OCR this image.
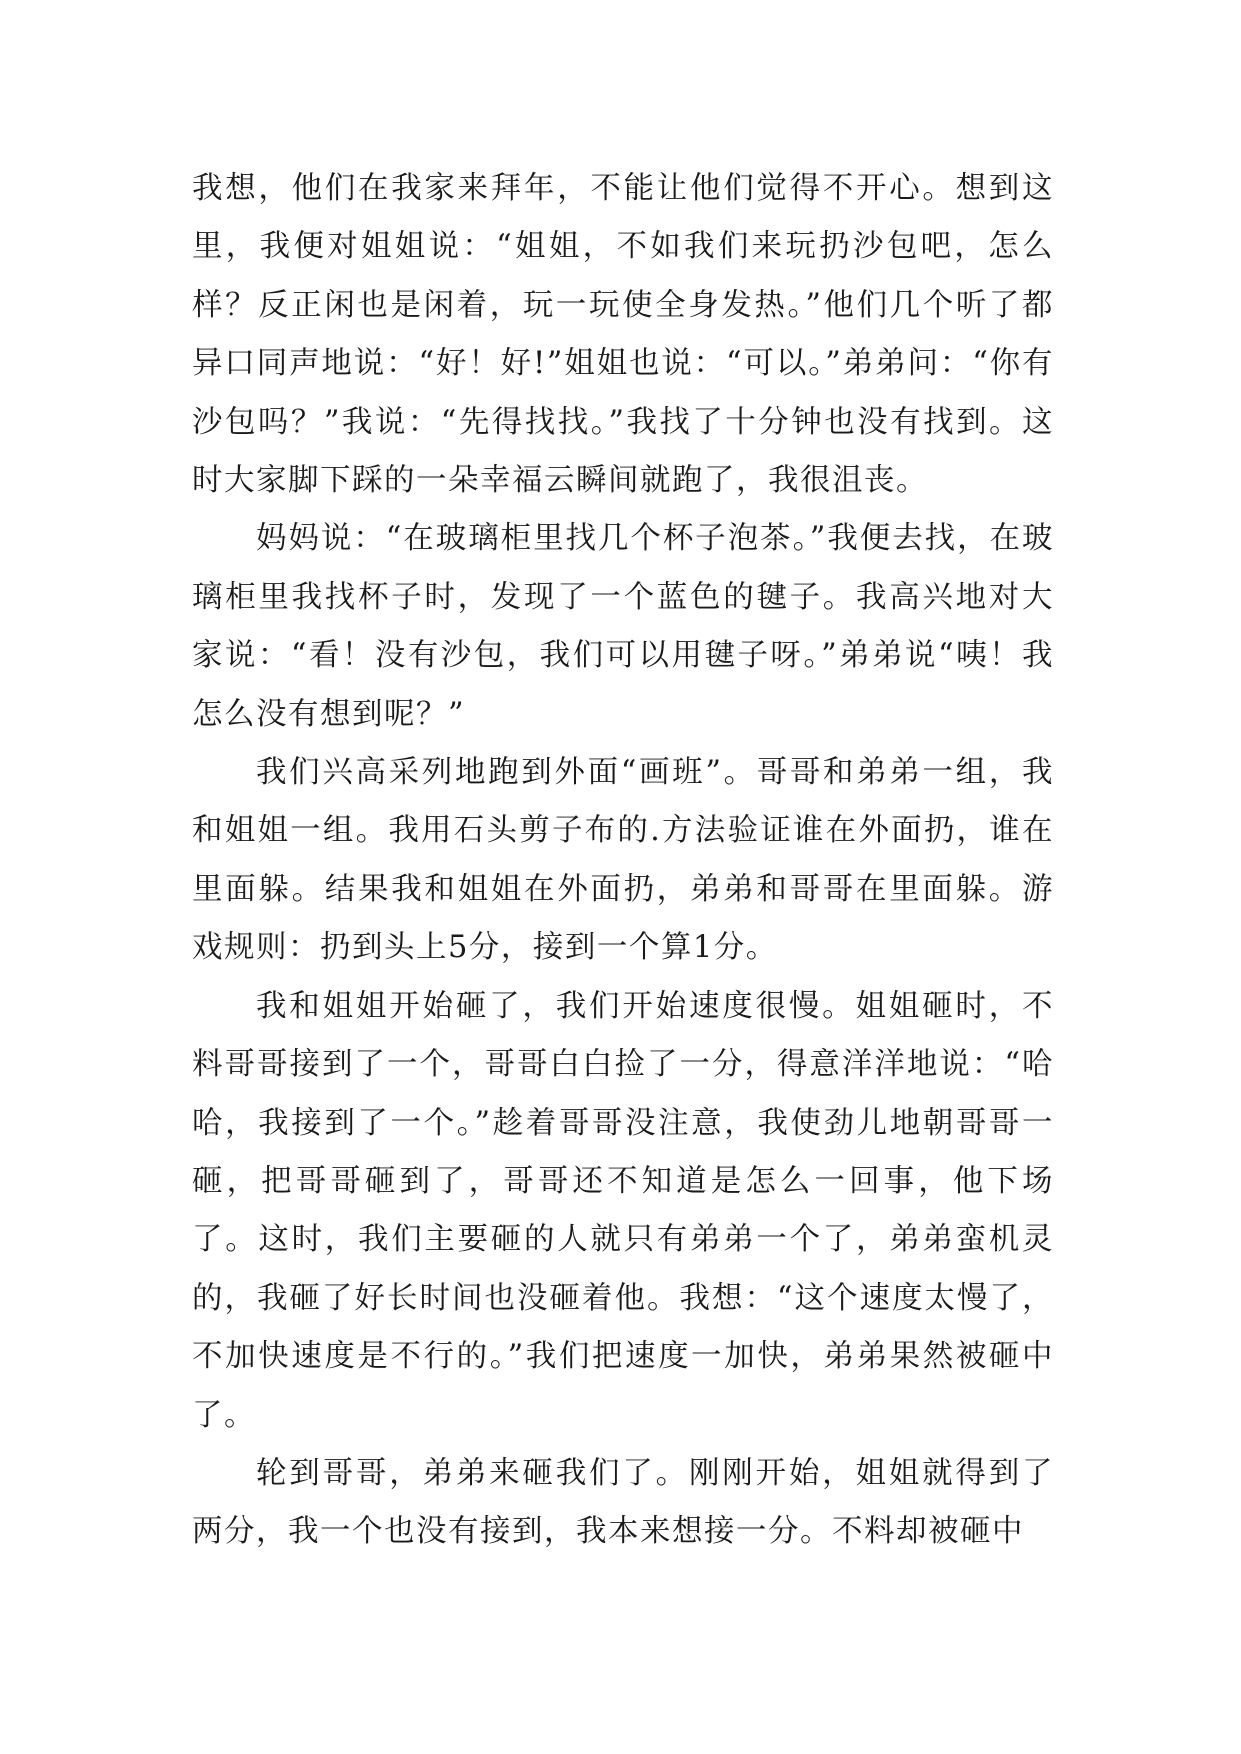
我想，他们在我家来拜年，不能让他们觉得不开心。想到这里，我便对姐姐说：“姐姐，不如我们来玩扔沙包吧，怎么样？反正闲也是闲着，玩一玩使全身发热。”他们几个听了都异口同声地说：“好！好!”姐姐也说：“可以。”弟弟问：“你有沙包吗？”我说：“先得找找。”我找了十分钟也没有找到。这时大家脚下踩的一朵幸福云瞬间就跑了，我很沮丧。

妈妈说：“在玻璃柜里找几个杯子泡茶。”我便去找，在玻璃柜里我找杯子时，发现了一个蓝色的毽子。我高兴地对大家说：“看！没有沙包，我们可以用毽子呀。”弟弟说“咦！我怎么没有想到呢？”

我们兴高采列地跑到外面“画班”。哥哥和弟弟一组，我和姐姐一组。我用石头剪子布的.方法验证谁在外面扔，谁在里面躲。结果我和姐姐在外面扔，弟弟和哥哥在里面躲。游戏规则：扔到头上5分，接到一个算1分。

我和姐姐开始砸了，我们开始速度很慢。姐姐砸时，不料哥哥接到了一个，哥哥白白捡了一分，得意洋洋地说：“哈哈，我接到了一个。”趁着哥哥没注意，我使劲儿地朝哥哥一砸，把哥哥砸到了，哥哥还不知道是怎么一回事，他下场了。这时，我们主要砸的人就只有弟弟一个了，弟弟蛮机灵的，我砸了好长时间也没砸着他。我想：“这个速度太慢了，不加快速度是不行的。”我们把速度一加快，弟弟果然被砸中了。

轮到哥哥，弟弟来砸我们了。刚刚开始，姐姐就得到了两分，我一个也没有接到，我本来想接一分。不料却被砸中
